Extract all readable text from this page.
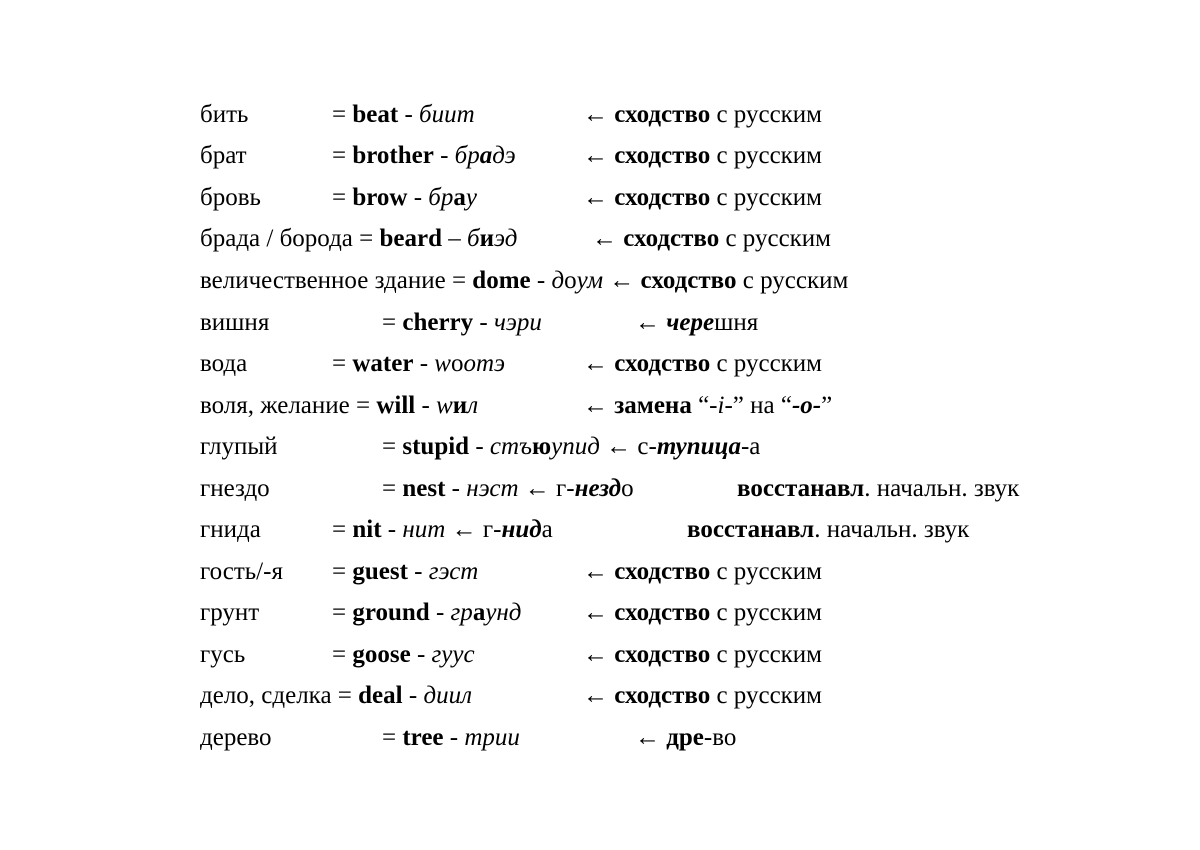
бить	= beat - биит	← сходство с русским
брат	= brother - брадэ	← сходство с русским
бровь	= brow - брау	← сходство с русским
брада / борода = beard – биэд	← сходство с русским
величественное здание = dome - доум ← сходство с русским
вишня	= cherry - чэри	← черешня
вода	= water - wоотэ	← сходство с русским
воля, желание = will - wил	← замена “-i-” на “-о-”
глупый	= stupid - стъюупид ← с-тупица-а
гнездо	= nest - нэст ← г-нездо	восстанавл. начальн. звук
гнида	= nit - нит ← г-нида	восстанавл. начальн. звук
гость/-я = guest - гэст	← сходство с русским
грунт	= ground - граунд ← сходство с русским
гусь	= goose - гуус	← сходство с русским
дело, сделка = deal - диил	← сходство с русским
дерево	= tree - трии	← дре-во
